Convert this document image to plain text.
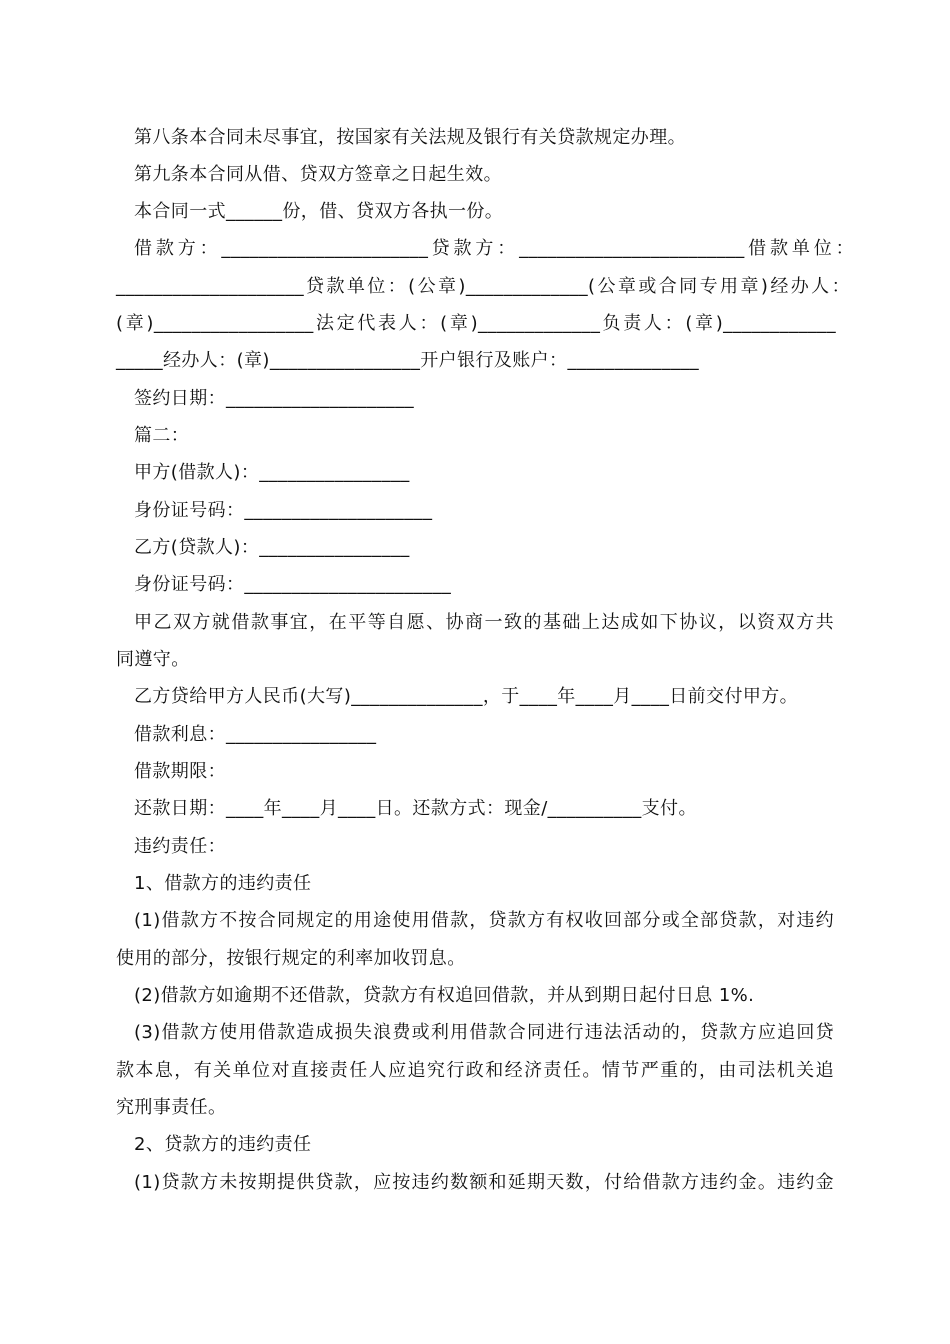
第八条本合同未尽事宜，按国家有关法规及银行有关贷款规定办理。
第九条本合同从借、贷双方签章之日起生效。
本合同一式______份，借、贷双方各执一份。
借款方：______________________贷款方：________________________借款单位：
____________________贷款单位：(公章)_____________(公章或合同专用章)经办人：
(章)_________________法定代表人：(章)_____________负责人：(章)____________
_____经办人：(章)________________开户银行及账户：______________
签约日期：____________________
篇二：
甲方(借款人)：________________
身份证号码：____________________
乙方(贷款人)：________________
身份证号码：______________________
甲乙双方就借款事宜，在平等自愿、协商一致的基础上达成如下协议，以资双方共
同遵守。
乙方贷给甲方人民币(大写)______________，于____年____月____日前交付甲方。
借款利息：________________
借款期限：
还款日期：____年____月____日。还款方式：现金/__________支付。
违约责任：
1、借款方的违约责任
(1)借款方不按合同规定的用途使用借款，贷款方有权收回部分或全部贷款，对违约
使用的部分，按银行规定的利率加收罚息。
(2)借款方如逾期不还借款，贷款方有权追回借款，并从到期日起付日息 1%.
(3)借款方使用借款造成损失浪费或利用借款合同进行违法活动的，贷款方应追回贷
款本息，有关单位对直接责任人应追究行政和经济责任。情节严重的，由司法机关追
究刑事责任。
2、贷款方的违约责任
(1)贷款方未按期提供贷款，应按违约数额和延期天数，付给借款方违约金。违约金
